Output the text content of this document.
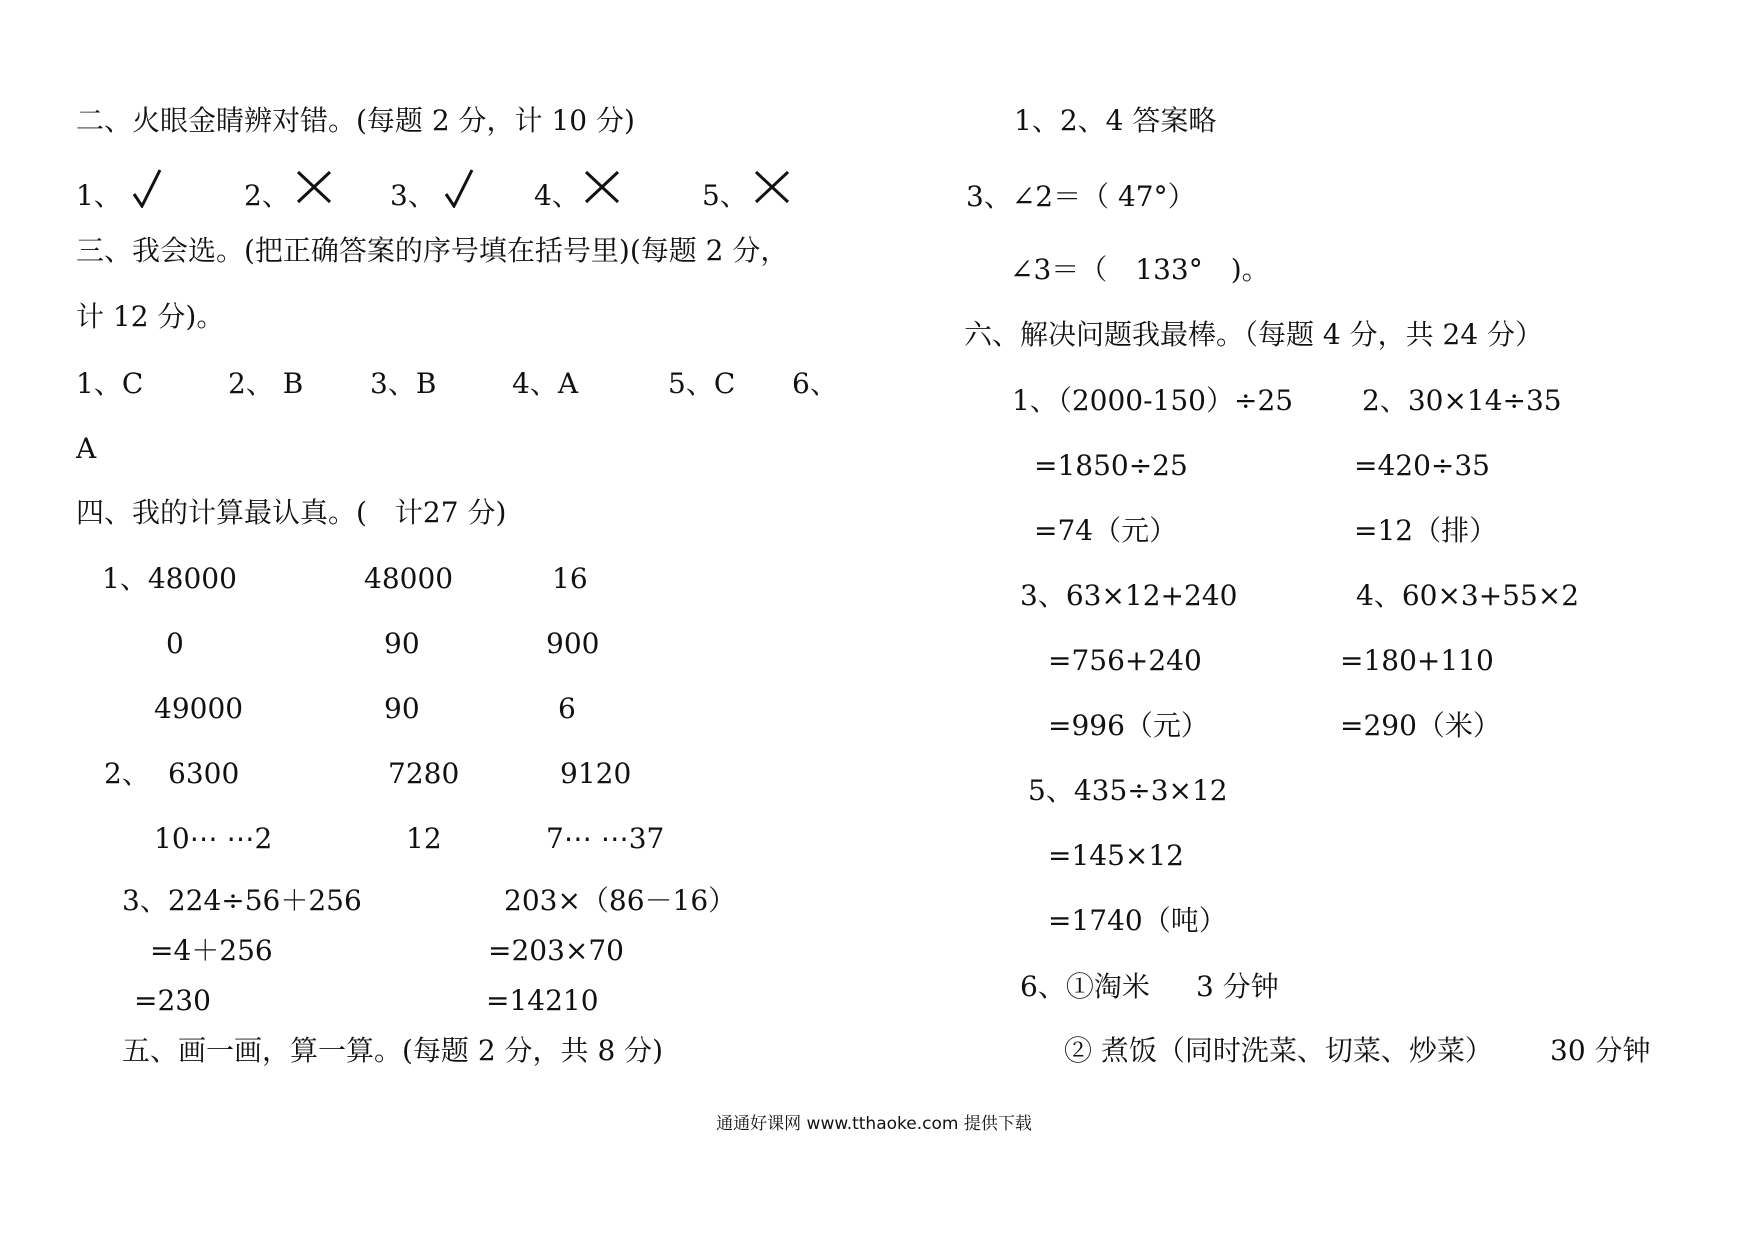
二、火眼金睛辨对错。(每题 2 分，计 10 分)
1、	2、	3、	4、	5、
三、我会选。(把正确答案的序号填在括号里)(每题 2 分，
计 12 分)。
1、C	2、 B 3、B	4、A	5、C 6、
A
四、我的计算最认真。(　计27 分)
1、48000	48000	16
0	90	900
49000	90	6
2、 6300	7280	9120
10⋯ ⋯2	12	7⋯ ⋯37
3、224÷56＋256	203×（86－16）
=4＋256	=203×70
=230	=14210
五、画一画，算一算。(每题 2 分，共 8 分)
1、2、4 答案略
3、∠2＝（ 47°）
∠3＝（　133°　)。
六、解决问题我最棒。（每题 4 分，共 24 分）
1、（2000-150）÷25 2、30×14÷35
=1850÷25	=420÷35
=74（元）	=12（排）
3、63×12+240	4、60×3+55×2
=756+240	=180+110
=996（元）	=290（米）
5、435÷3×12
=145×12
=1740（吨）
6、①淘米 3 分钟
② 煮饭（同时洗菜、切菜、炒菜） 30 分钟
通通好课网 www.tthaoke.com 提供下载
